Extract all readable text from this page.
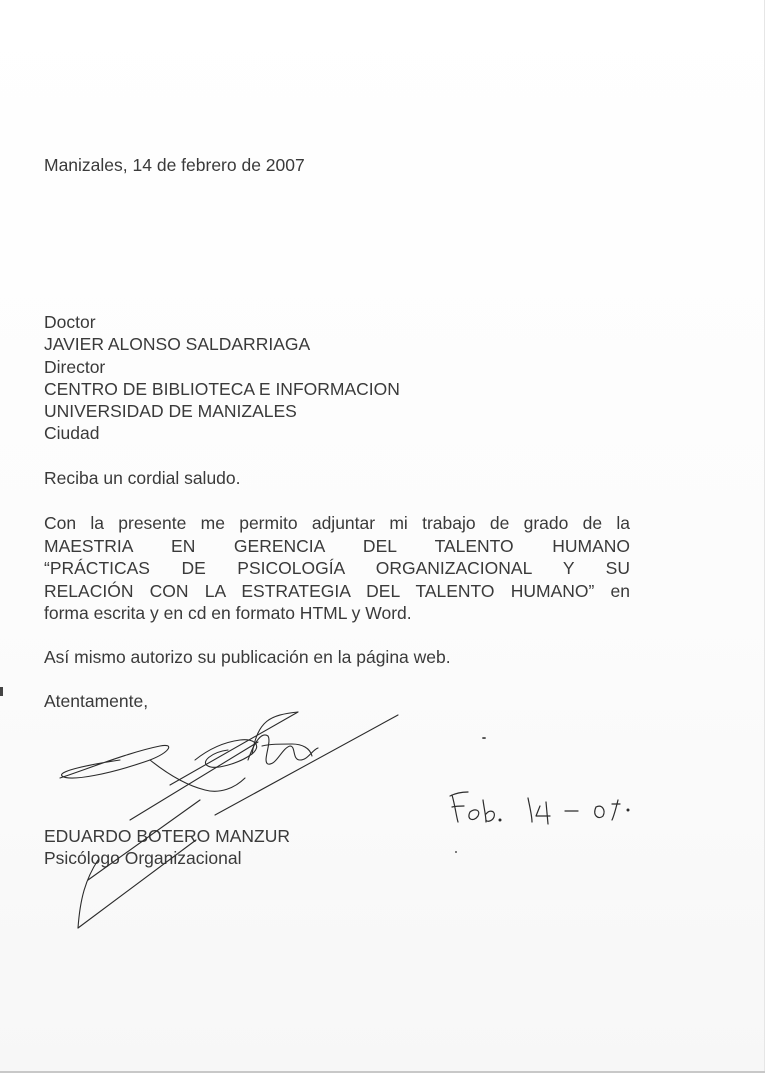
Manizales, 14 de febrero de 2007
Doctor
JAVIER ALONSO SALDARRIAGA
Director
CENTRO DE BIBLIOTECA E INFORMACION
UNIVERSIDAD DE MANIZALES
Ciudad
Reciba un cordial saludo.
Con la presente me permito adjuntar mi trabajo de grado de la
MAESTRIA EN GERENCIA DEL TALENTO HUMANO
“PRÁCTICAS DE PSICOLOGÍA ORGANIZACIONAL Y SU
RELACIÓN CON LA ESTRATEGIA DEL TALENTO HUMANO” en
forma escrita y en cd en formato HTML y Word.
Así mismo autorizo su publicación en la página web.
Atentamente,
EDUARDO BOTERO MANZUR
Psicólogo Organizacional
